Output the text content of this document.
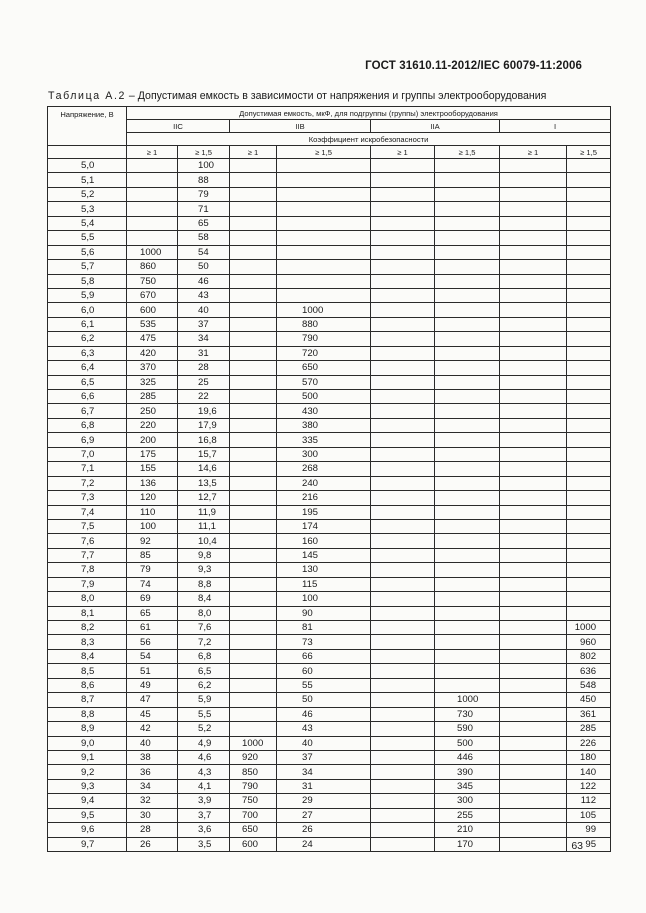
ГОСТ 31610.11-2012/IEC 60079-11:2006
Таблица А.2 – Допустимая емкость в зависимости от напряжения и группы электрооборудования
Напряжение, В	Допустимая емкость, мкФ, для подгруппы (группы) электрооборудования							
	IIC		IIB		IIA		I	
	Коэффициент искробезопасности							
	≥ 1	≥ 1,5	≥ 1	≥ 1,5	≥ 1	≥ 1,5	≥ 1	≥ 1,5
5,0		100						
5,1		88						
5,2		79						
5,3		71						
5,4		65						
5,5		58						
5,6	1000	54						
5,7	860	50						
5,8	750	46						
5,9	670	43						
6,0	600	40		1000				
6,1	535	37		880				
6,2	475	34		790				
6,3	420	31		720				
6,4	370	28		650				
6,5	325	25		570				
6,6	285	22		500				
6,7	250	19,6		430				
6,8	220	17,9		380				
6,9	200	16,8		335				
7,0	175	15,7		300				
7,1	155	14,6		268				
7,2	136	13,5		240				
7,3	120	12,7		216				
7,4	110	11,9		195				
7,5	100	11,1		174				
7,6	92	10,4		160				
7,7	85	9,8		145				
7,8	79	9,3		130				
7,9	74	8,8		115				
8,0	69	8,4		100				
8,1	65	8,0		90				
8,2	61	7,6		81				1000
8,3	56	7,2		73				960
8,4	54	6,8		66				802
8,5	51	6,5		60				636
8,6	49	6,2		55				548
8,7	47	5,9		50		1000		450
8,8	45	5,5		46		730		361
8,9	42	5,2		43		590		285
9,0	40	4,9	1000	40		500		226
9,1	38	4,6	920	37		446		180
9,2	36	4,3	850	34		390		140
9,3	34	4,1	790	31		345		122
9,4	32	3,9	750	29		300		112
9,5	30	3,7	700	27		255		105
9,6	28	3,6	650	26		210		99
9,7	26	3,5	600	24		170		95
63
